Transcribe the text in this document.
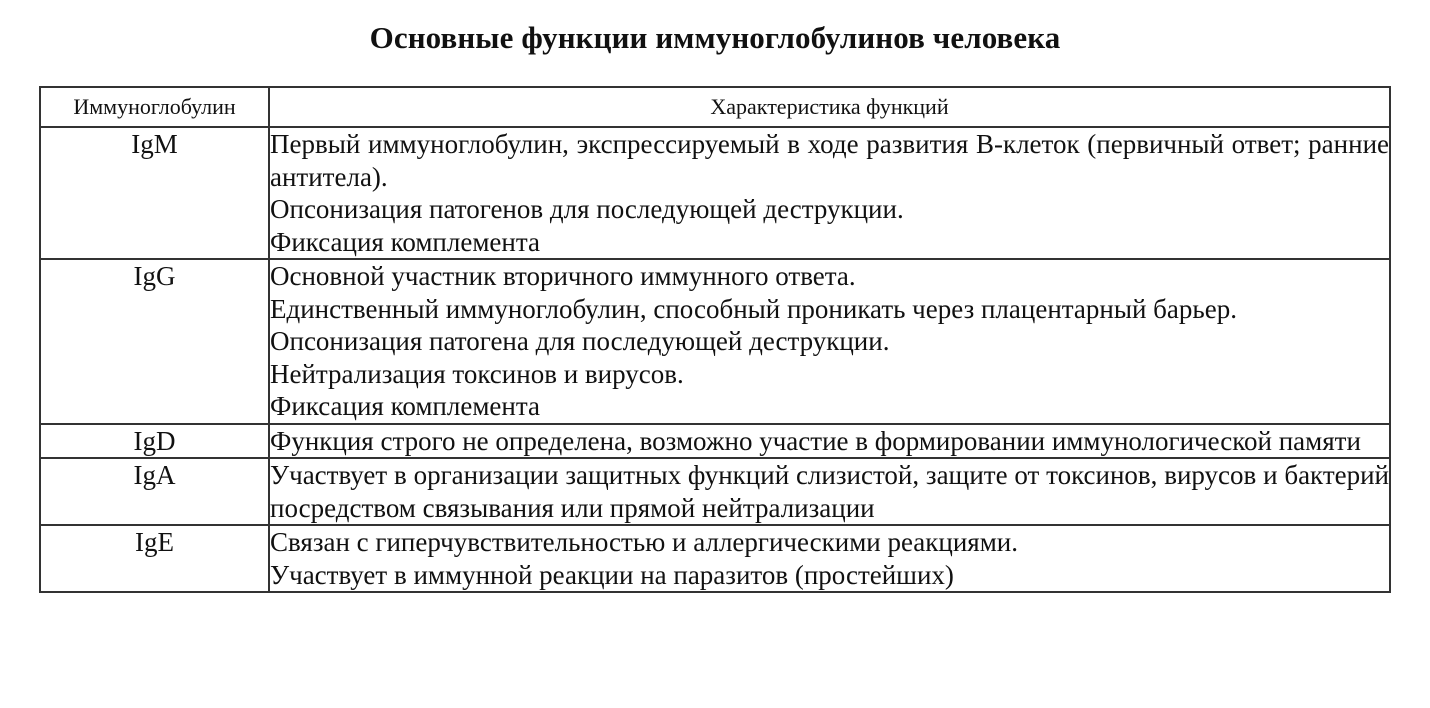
Основные функции иммуноглобулинов человека
Иммуноглобулин	Характеристика функций
IgM	Первый иммуноглобулин, экспрессируемый в ходе развития В-клеток (первичный ответ; ранние антитела).
Опсонизация патогенов для последующей деструкции.
Фиксация комплемента

IgG	Основной участник вторичного иммунного ответа.
Единственный иммуноглобулин, способный проникать через плацентарный барьер.
Опсонизация патогена для последующей деструкции.
Нейтрализация токсинов и вирусов.
Фиксация комплемента

IgD	Функция строго не определена, возможно участие в формировании иммунологической памяти

IgA	Участвует в организации защитных функций слизистой, защите от токсинов, вирусов и бактерий посредством связывания или прямой нейтрализации

IgE	Связан с гиперчувствительностью и аллергическими реакциями.
Участвует в иммунной реакции на паразитов (простейших)
